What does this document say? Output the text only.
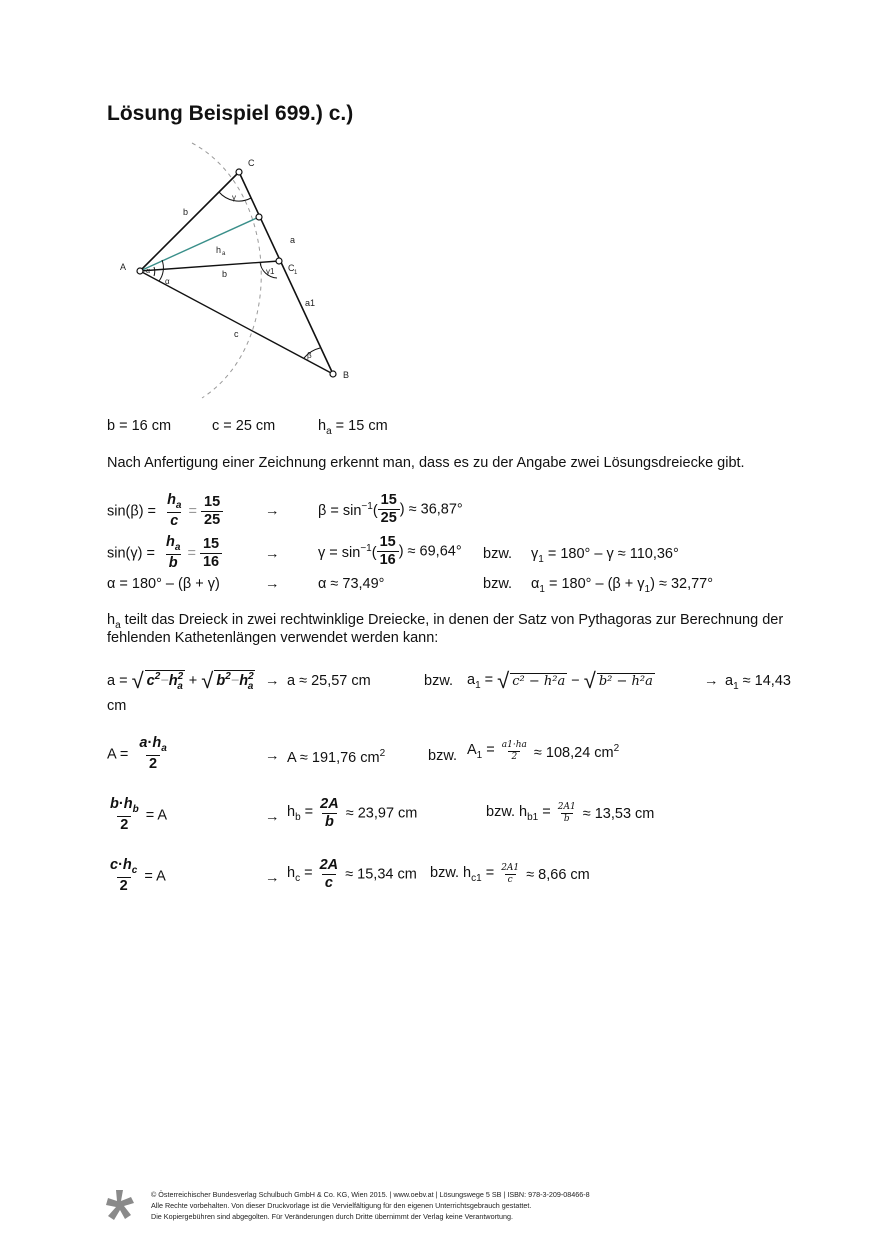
Lösung Beispiel 699.) c.)
A
C
C 1
B
a
a1
b
b
c
h a
α
α
γ
γ1
β
b = 16 cm	c = 25 cm	$h_a = 15$ cm
Nach Anfertigung einer Zeichnung erkennt man, dass es zu der Angabe zwei Lösungsdreiecke gibt.
$\sin(\beta) = \frac{h_a}{c} = \frac{15}{25}$	→	$\beta = \sin^{-1}( \frac{15}{25}$ ) ≈ 36,87°
$\sin(\gamma) = \frac{h_a}{b} = \frac{15}{16}$	→	$\gamma = \sin^{-1}( \frac{15}{16}$ ) ≈ 69,64° bzw. $\gamma_1 = 180^\circ - \gamma \approx 110,36^\circ$
α = 180° – (β + γ)	→	α ≈ 73,49°	bzw. $\alpha_1 = 180^\circ - (\beta + \gamma_1) \approx 32,77^\circ$
$h_a$ teilt das Dreieck in zwei rechtwinklige Dreiecke, in denen der Satz von Pythagoras zur Berechnung der
fehlenden Kathetenlängen verwendet werden kann:
a = √ $c^2-h^2_a$ + √ $b^2-h^2_a \to a \approx 25,57$ cm	bzw. $a_1$ = √ c² − h²a − √ b² − h²a	→ $a_1 \approx 14,43$
cm
$A = \frac{a\cdot h_a}{2}$	→ A ≈ 191,76 $cm^2$	bzw. $A_1 = \frac{a1\cdot ha}{2} \approx 108,24$ $cm^2$
$\frac{b\cdot h_b}{2} = A$	→ $h_b = \frac{2A}{b} \approx 23,97$ cm	bzw. $h_{b1} = \frac{2A1}{b} \approx 13,53$ cm
$\frac{c\cdot h_c}{2} = A$	→ $h_c = \frac{2A}{c} \approx 15,34$ cm bzw. $h_{c1} = \frac{2A1}{c} \approx 8,66$ cm
© Österreichischer Bundesverlag Schulbuch GmbH & Co. KG, Wien 2015. | www.oebv.at | Lösungswege 5 SB | ISBN: 978-3-209-08466-8
Alle Rechte vorbehalten. Von dieser Druckvorlage ist die Vervielfältigung für den eigenen Unterrichtsgebrauch gestattet.
Die Kopiergebühren sind abgegolten. Für Veränderungen durch Dritte übernimmt der Verlag keine Verantwortung.
